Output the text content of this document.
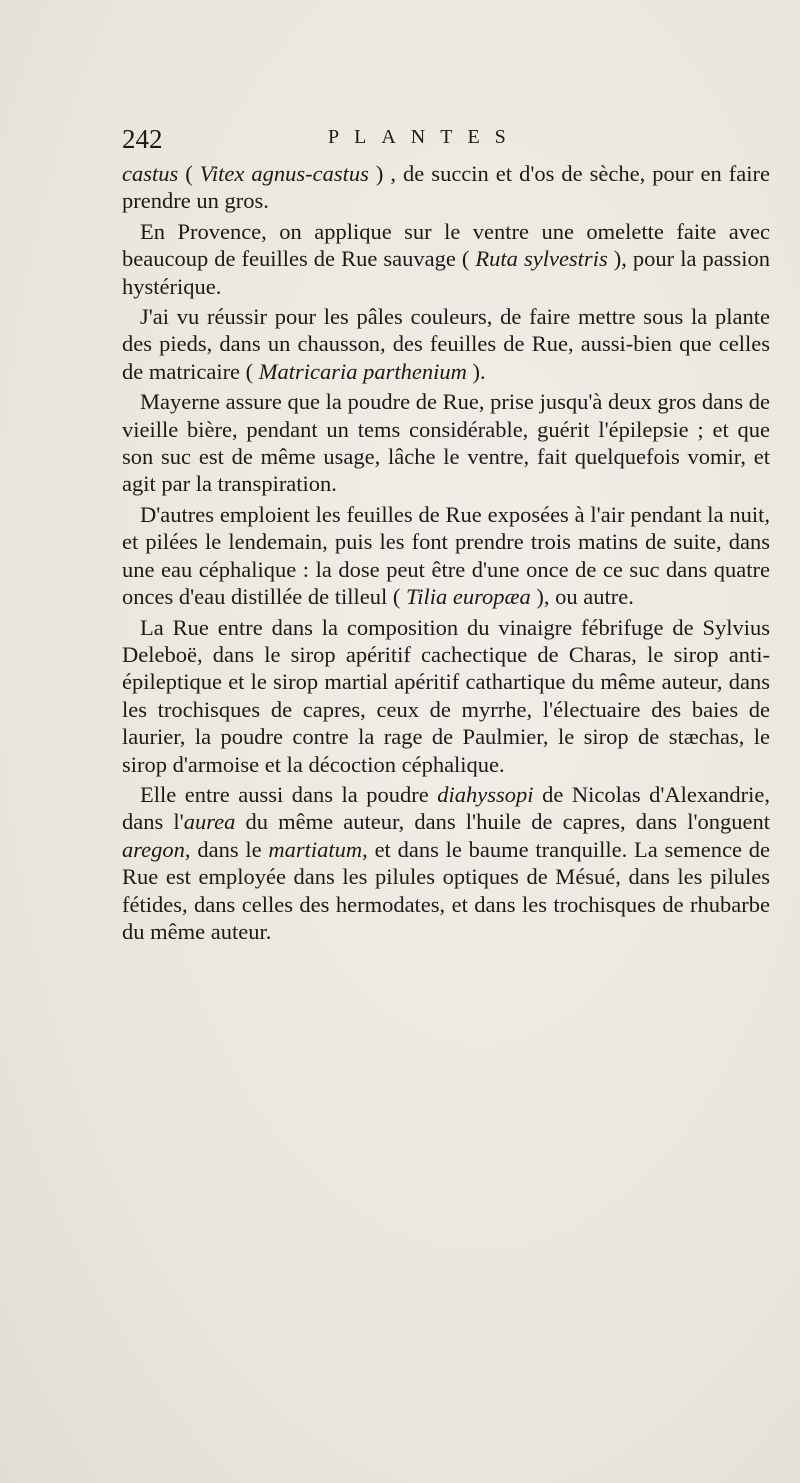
242	PLANTES

castus ( Vitex agnus-castus ) , de succin et d'os de sèche, pour en faire prendre un gros.

En Provence, on applique sur le ventre une omelette faite avec beaucoup de feuilles de Rue sauvage ( Ruta sylvestris ), pour la passion hystérique.

J'ai vu réussir pour les pâles couleurs, de faire mettre sous la plante des pieds, dans un chausson, des feuilles de Rue, aussi-bien que celles de matricaire ( Matricaria parthenium ).

Mayerne assure que la poudre de Rue, prise jusqu'à deux gros dans de vieille bière, pendant un tems considérable, guérit l'épilepsie ; et que son suc est de même usage, lâche le ventre, fait quelquefois vomir, et agit par la transpiration.

D'autres emploient les feuilles de Rue exposées à l'air pendant la nuit, et pilées le lendemain, puis les font prendre trois matins de suite, dans une eau céphalique : la dose peut être d'une once de ce suc dans quatre onces d'eau distillée de tilleul ( Tilia europæa ), ou autre.

La Rue entre dans la composition du vinaigre fébrifuge de Sylvius Deleboë, dans le sirop apéritif cachectique de Charas, le sirop anti-épileptique et le sirop martial apéritif cathartique du même auteur, dans les trochisques de capres, ceux de myrrhe, l'électuaire des baies de laurier, la poudre contre la rage de Paulmier, le sirop de stæchas, le sirop d'armoise et la décoction céphalique.

Elle entre aussi dans la poudre diahyssopi de Nicolas d'Alexandrie, dans l'aurea du même auteur, dans l'huile de capres, dans l'onguent aregon, dans le martiatum, et dans le baume tranquille. La semence de Rue est employée dans les pilules optiques de Mésué, dans les pilules fétides, dans celles des hermodates, et dans les trochisques de rhubarbe du même auteur.
